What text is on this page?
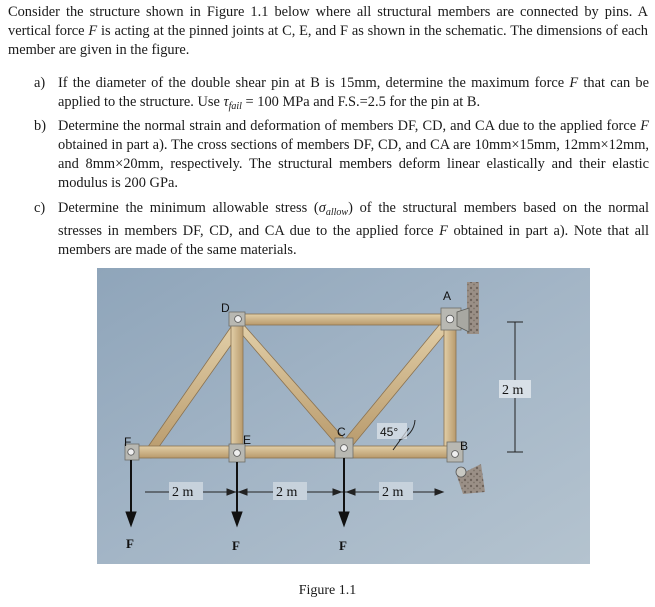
Consider the structure shown in Figure 1.1 below where all structural members are connected by pins. A vertical force F is acting at the pinned joints at C, E, and F as shown in the schematic. The dimensions of each member are given in the figure.

a) If the diameter of the double shear pin at B is 15mm, determine the maximum force F that can be applied to the structure. Use $\tau_{fail} = 100$ MPa and F.S.=2.5 for the pin at B.
b) Determine the normal strain and deformation of members DF, CD, and CA due to the applied force F obtained in part a). The cross sections of members DF, CD, and CA are 10mm×15mm, 12mm×12mm, and 8mm×20mm, respectively. The structural members deform linear elastically and their elastic modulus is 200 GPa.
c) Determine the minimum allowable stress $(\sigma_{allow})$ of the structural members based on the normal stresses in members DF, CD, and CA due to the applied force F obtained in part a). Note that all members are made of the same materials.
D
A
C
E	B
F
45°
2 m
2 m	2 m	2 m
F	F	F
Figure 1.1
